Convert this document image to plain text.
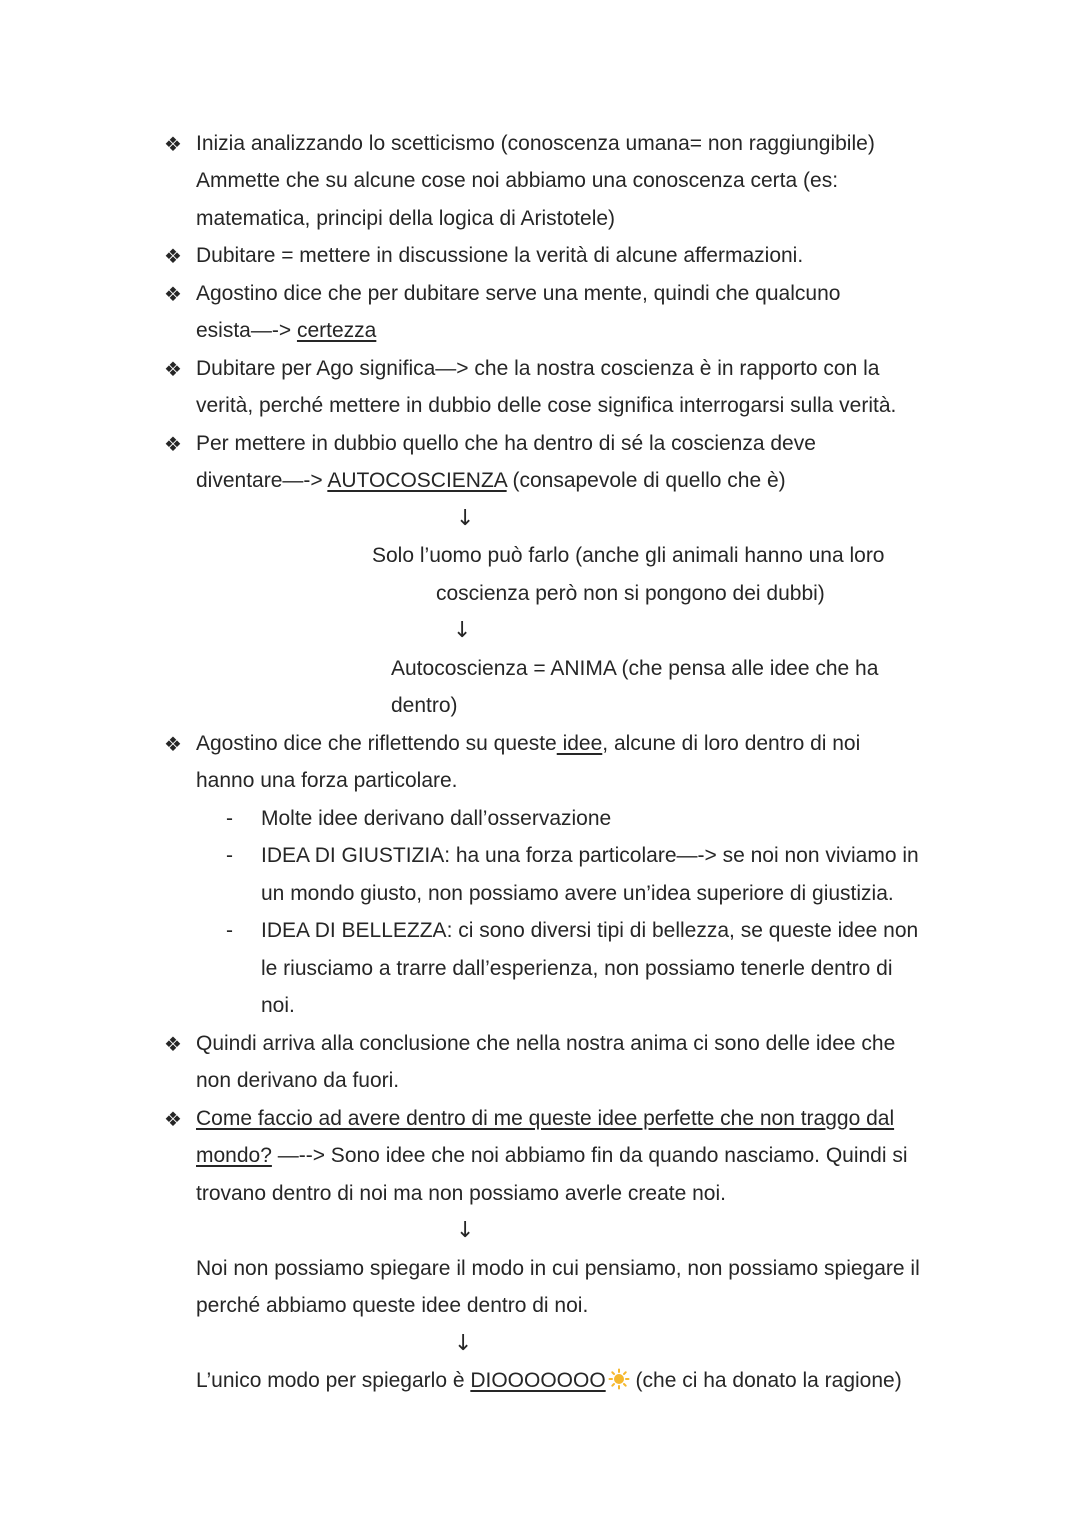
❖ Inizia analizzando lo scetticismo (conoscenza umana= non raggiungibile)
Ammette che su alcune cose noi abbiamo una conoscenza certa (es:
matematica, principi della logica di Aristotele)
❖ Dubitare = mettere in discussione la verità di alcune affermazioni.
❖ Agostino dice che per dubitare serve una mente, quindi che qualcuno
esista—-> certezza
❖ Dubitare per Ago significa—> che la nostra coscienza è in rapporto con la
verità, perché mettere in dubbio delle cose significa interrogarsi sulla verità.
❖ Per mettere in dubbio quello che ha dentro di sé la coscienza deve
diventare—-> AUTOCOSCIENZA (consapevole di quello che è)
↓
Solo l’uomo può farlo (anche gli animali hanno una loro
coscienza però non si pongono dei dubbi)
↓
Autocoscienza = ANIMA (che pensa alle idee che ha
dentro)
❖ Agostino dice che riflettendo su queste idee, alcune di loro dentro di noi
hanno una forza particolare.
- Molte idee derivano dall’osservazione
- IDEA DI GIUSTIZIA: ha una forza particolare—-> se noi non viviamo in
un mondo giusto, non possiamo avere un’idea superiore di giustizia.
- IDEA DI BELLEZZA: ci sono diversi tipi di bellezza, se queste idee non
le riusciamo a trarre dall’esperienza, non possiamo tenerle dentro di
noi.
❖ Quindi arriva alla conclusione che nella nostra anima ci sono delle idee che
non derivano da fuori.
❖ Come faccio ad avere dentro di me queste idee perfette che non traggo dal
mondo? —--> Sono idee che noi abbiamo fin da quando nasciamo. Quindi si
trovano dentro di noi ma non possiamo averle create noi.
↓
Noi non possiamo spiegare il modo in cui pensiamo, non possiamo spiegare il
perché abbiamo queste idee dentro di noi.
↓
L’unico modo per spiegarlo è DIOOOOOOO
(che ci ha donato la ragione)
